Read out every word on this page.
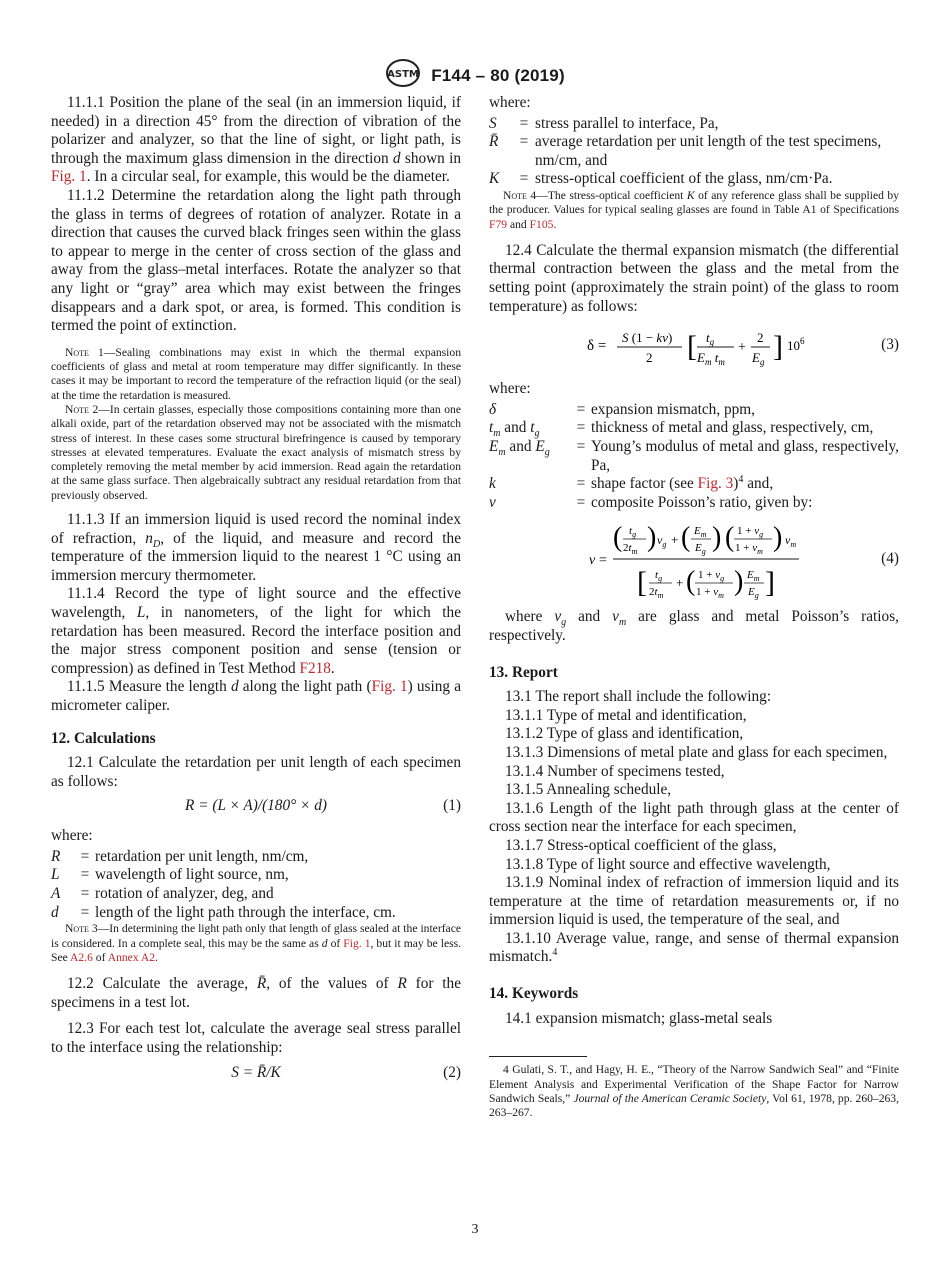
ASTM F144 – 80 (2019)

11.1.1 Position the plane of the seal (in an immersion liquid, if needed) in a direction 45° from the direction of vibration of the polarizer and analyzer, so that the line of sight, or light path, is through the maximum glass dimension in the direction d shown in Fig. 1. In a circular seal, for example, this would be the diameter.

11.1.2 Determine the retardation along the light path through the glass in terms of degrees of rotation of analyzer. Rotate in a direction that causes the curved black fringes seen within the glass to appear to merge in the center of cross section of the glass and away from the glass–metal interfaces. Rotate the analyzer so that any light or “gray” area which may exist between the fringes disappears and a dark spot, or area, is formed. This condition is termed the point of extinction.

Note 1—Sealing combinations may exist in which the thermal expansion coefficients of glass and metal at room temperature may differ significantly. In these cases it may be important to record the temperature of the refraction liquid (or the seal) at the time the retardation is measured.

Note 2—In certain glasses, especially those compositions containing more than one alkali oxide, part of the retardation observed may not be associated with the mismatch stress of interest. In these cases some structural birefringence is caused by temporary stresses at elevated temperatures. Evaluate the exact analysis of mismatch stress by completely removing the metal member by acid immersion. Read again the retardation at the same glass surface. Then algebraically subtract any residual retardation from that previously observed.

11.1.3 If an immersion liquid is used record the nominal index of refraction, $n_D$, of the liquid, and measure and record the temperature of the immersion liquid to the nearest 1 °C using an immersion mercury thermometer.

11.1.4 Record the type of light source and the effective wavelength, L, in nanometers, of the light for which the retardation has been measured. Record the interface position and the major stress component position and sense (tension or compression) as defined in Test Method F218.

11.1.5 Measure the length d along the light path (Fig. 1) using a micrometer caliper.

12. Calculations

12.1 Calculate the retardation per unit length of each specimen as follows:

R = (L × A)/(180° × d)	(1)

where:

R	=	retardation per unit length, nm/cm,
L	=	wavelength of light source, nm,
A	=	rotation of analyzer, deg, and
d	=	length of the light path through the interface, cm.

Note 3—In determining the light path only that length of glass sealed at the interface is considered. In a complete seal, this may be the same as d of Fig. 1, but it may be less. See A2.6 of Annex A2.

12.2 Calculate the average, R̄, of the values of R for the specimens in a test lot.

12.3 For each test lot, calculate the average seal stress parallel to the interface using the relationship:

S = R̄/K	(2)

where:

S	=	stress parallel to interface, Pa,
R̄	=	average retardation per unit length of the test specimens, nm/cm, and
K	=	stress-optical coefficient of the glass, nm/cm·Pa.

Note 4—The stress-optical coefficient K of any reference glass shall be supplied by the producer. Values for typical sealing glasses are found in Table A1 of Specifications F79 and F105.

12.4 Calculate the thermal expansion mismatch (the differential thermal contraction between the glass and the metal from the setting point (approximately the strain point) of the glass to room temperature) as follows:

δ =
S (1 − kv)
2 [ $t_g$
$E_m$ $t_m$
+
2
$E_g$ ] $10^6$	(3)

where:

δ	=	expansion mismatch, ppm,
$t_m$ and $t_g$	=	thickness of metal and glass, respectively, cm,
$E_m$ and $E_g$	=	Young’s modulus of metal and glass, respectively, Pa,
k	=	shape factor (see Fig. 3)$^4$ and,
v	=	composite Poisson’s ratio, given by:
v =
( $t_g$
$2t_m$ ) $v_g$ + ( $E_m$
$E_g$ ) ( $1 + v_g$
$1 + v_m$ ) $v_m$
[ $t_g$
$2t_m$
+ ( $1 + v_g$
$1 + v_m$ ) $E_m$
$E_g$ ]
(4)

where $v_g$ and $v_m$ are glass and metal Poisson’s ratios, respectively.

13. Report

13.1 The report shall include the following:

13.1.1 Type of metal and identification,

13.1.2 Type of glass and identification,

13.1.3 Dimensions of metal plate and glass for each specimen,

13.1.4 Number of specimens tested,

13.1.5 Annealing schedule,

13.1.6 Length of the light path through glass at the center of cross section near the interface for each specimen,

13.1.7 Stress-optical coefficient of the glass,

13.1.8 Type of light source and effective wavelength,

13.1.9 Nominal index of refraction of immersion liquid and its temperature at the time of retardation measurements or, if no immersion liquid is used, the temperature of the seal, and

13.1.10 Average value, range, and sense of thermal expansion mismatch.$^4$

14. Keywords

14.1 expansion mismatch; glass-metal seals

4 Gulati, S. T., and Hagy, H. E., “Theory of the Narrow Sandwich Seal” and “Finite Element Analysis and Experimental Verification of the Shape Factor for Narrow Sandwich Seals,” Journal of the American Ceramic Society, Vol 61, 1978, pp. 260–263, 263–267.

3
